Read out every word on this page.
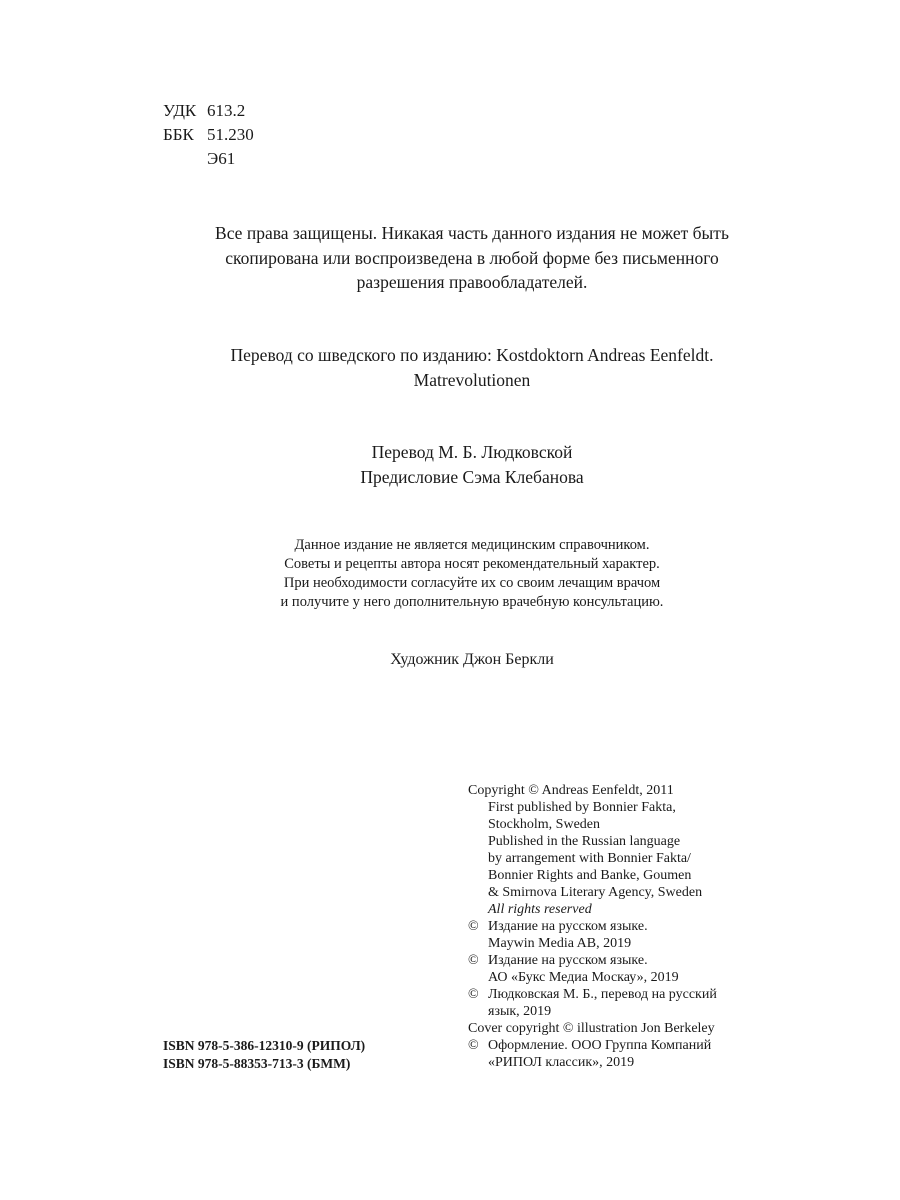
УДК 613.2
ББК 51.230
Э61
Все права защищены. Никакая часть данного издания не может быть
скопирована или воспроизведена в любой форме без письменного
разрешения правообладателей.
Перевод со шведского по изданию: Kostdoktorn Andreas Eenfeldt.
Matrevolutionen
Перевод М. Б. Людковской
Предисловие Сэма Клебанова
Данное издание не является медицинским справочником.
Советы и рецепты автора носят рекомендательный характер.
При необходимости согласуйте их со своим лечащим врачом
и получите у него дополнительную врачебную консультацию.
Художник Джон Беркли
Copyright © Andreas Eenfeldt, 2011
First published by Bonnier Fakta,
Stockholm, Sweden
Published in the Russian language
by arrangement with Bonnier Fakta/
Bonnier Rights and Banke, Goumen
& Smirnova Literary Agency, Sweden
All rights reserved
© Издание на русском языке.
Maywin Media AB, 2019
© Издание на русском языке.
АО «Букс Медиа Москау», 2019
© Людковская М. Б., перевод на русский
язык, 2019
Cover copyright © illustration Jon Berkeley
© Оформление. ООО Группа Компаний
«РИПОЛ классик», 2019
ISBN 978-5-386-12310-9 (РИПОЛ)
ISBN 978-5-88353-713-3 (БММ)
